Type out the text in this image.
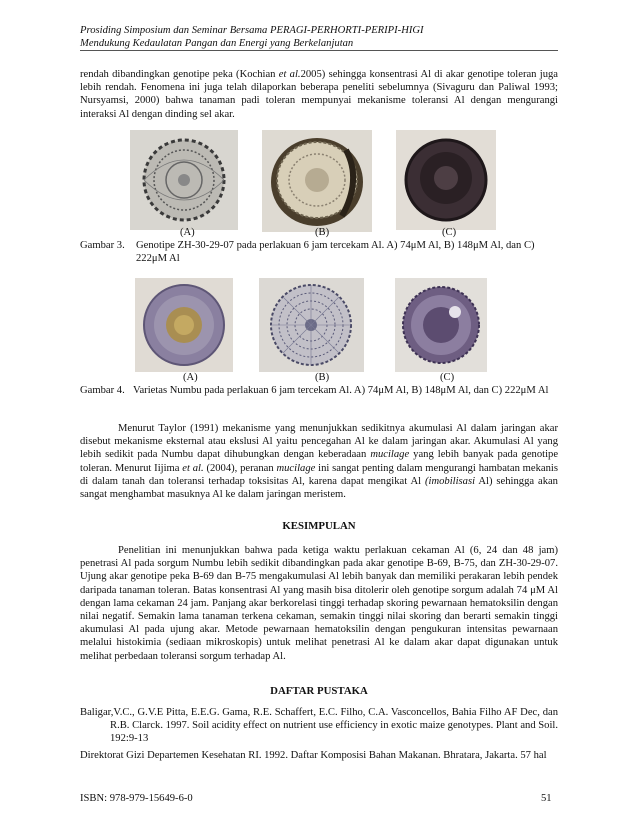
Prosiding Simposium dan Seminar Bersama PERAGI-PERHORTI-PERIPI-HIGI
Mendukung Kedaulatan Pangan dan Energi yang Berkelanjutan
rendah dibandingkan genotipe peka (Kochian et al.2005) sehingga konsentrasi Al di akar genotipe toleran juga lebih rendah. Fenomena ini juga telah dilaporkan beberapa peneliti sebelumnya (Sivaguru dan Paliwal 1993; Nursyamsi, 2000) bahwa tanaman padi toleran mempunyai mekanisme toleransi Al dengan mengurangi interaksi Al dengan dinding sel akar.
(A)	(B)	(C)
Gambar 3.	Genotipe ZH-30-29-07 pada perlakuan 6 jam tercekam Al. A) 74μM Al, B) 148μM Al, dan C) 222μM Al
(A)	(B)	(C)
Gambar 4. Varietas Numbu pada perlakuan 6 jam tercekam Al. A) 74μM Al, B) 148μM Al, dan C) 222μM Al
Menurut Taylor (1991) mekanisme yang menunjukkan sedikitnya akumulasi Al dalam jaringan akar disebut mekanisme eksternal atau ekslusi Al yaitu pencegahan Al ke dalam jaringan akar. Akumulasi Al yang lebih sedikit pada Numbu dapat dihubungkan dengan keberadaan mucilage yang lebih banyak pada genotipe toleran. Menurut Iijima et al. (2004), peranan mucilage ini sangat penting dalam mengurangi hambatan mekanis di dalam tanah dan toleransi terhadap toksisitas Al, karena dapat mengikat Al (imobilisasi Al) sehingga akan sangat menghambat masuknya Al ke dalam jaringan meristem.
KESIMPULAN
Penelitian ini menunjukkan bahwa pada ketiga waktu perlakuan cekaman Al (6, 24 dan 48 jam) penetrasi Al pada sorgum Numbu lebih sedikit dibandingkan pada akar genotipe B-69, B-75, dan ZH-30-29-07. Ujung akar genotipe peka B-69 dan B-75 mengakumulasi Al lebih banyak dan memiliki perakaran lebih pendek daripada tanaman toleran. Batas konsentrasi Al yang masih bisa ditolerir oleh genotipe sorgum adalah 74 μM Al dengan lama cekaman 24 jam. Panjang akar berkorelasi tinggi terhadap skoring pewarnaan hematoksilin dengan nilai negatif. Semakin lama tanaman terkena cekaman, semakin tinggi nilai skoring dan berarti semakin tinggi akumulasi Al pada ujung akar. Metode pewarnaan hematoksilin dengan pengukuran intensitas pewarnaan melalui histokimia (sediaan mikroskopis) untuk melihat penetrasi Al ke dalam akar dapat digunakan untuk melihat perbedaan toleransi sorgum terhadap Al.
DAFTAR PUSTAKA
Baligar,V.C., G.V.E Pitta, E.E.G. Gama, R.E. Schaffert, E.C. Filho, C.A. Vasconcellos, Bahia Filho AF Dec, dan R.B. Clarck. 1997. Soil acidity effect on nutrient use efficiency in exotic maize genotypes. Plant and Soil. 192:9-13
Direktorat Gizi Departemen Kesehatan RI. 1992. Daftar Komposisi Bahan Makanan. Bhratara, Jakarta. 57 hal
ISBN: 978-979-15649-6-0	51
